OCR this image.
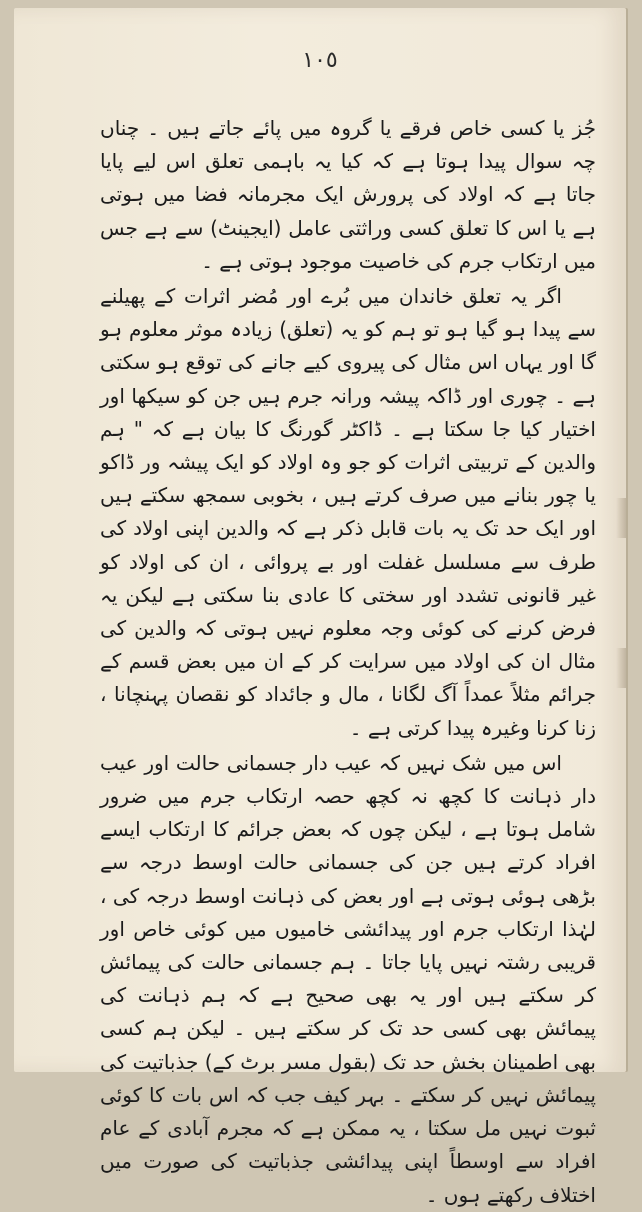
١٠٥

جُز یا کسی خاص فرقے یا گروہ میں پائے جاتے ہیں ۔ چناں چہ سوال پیدا ہوتا ہے کہ کیا یہ باہمی تعلق اس لیے پایا جاتا ہے کہ اولاد کی پرورش ایک مجرمانہ فضا میں ہوتی ہے یا اس کا تعلق کسی وراثتی عامل (ایجینٹ) سے ہے جس میں ارتکاب جرم کی خاصیت موجود ہوتی ہے ۔

اگر یہ تعلق خاندان میں بُرے اور مُضر اثرات کے پھیلنے سے پیدا ہو گیا ہو تو ہم کو یہ (تعلق) زیادہ موثر معلوم ہو گا اور یہاں اس مثال کی پیروی کیے جانے کی توقع ہو سکتی ہے ۔ چوری اور ڈاکہ پیشہ ورانہ جرم ہیں جن کو سیکھا اور اختیار کیا جا سکتا ہے ۔ ڈاکٹر گورنگ کا بیان ہے کہ " ہم والدین کے تربیتی اثرات کو جو وہ اولاد کو ایک پیشہ ور ڈاکو یا چور بنانے میں صرف کرتے ہیں ، بخوبی سمجھ سکتے ہیں اور ایک حد تک یہ بات قابل ذکر ہے کہ والدین اپنی اولاد کی طرف سے مسلسل غفلت اور بے پروائی ، ان کی اولاد کو غیر قانونی تشدد اور سختی کا عادی بنا سکتی ہے لیکن یہ فرض کرنے کی کوئی وجہ معلوم نہیں ہوتی کہ والدین کی مثال ان کی اولاد میں سرایت کر کے ان میں بعض قسم کے جرائم مثلاً عمداً آگ لگانا ، مال و جائداد کو نقصان پہنچانا ، زنا کرنا وغیرہ پیدا کرتی ہے ۔

اس میں شک نہیں کہ عیب دار جسمانی حالت اور عیب دار ذہانت کا کچھ نہ کچھ حصہ ارتکاب جرم میں ضرور شامل ہوتا ہے ، لیکن چوں کہ بعض جرائم کا ارتکاب ایسے افراد کرتے ہیں جن کی جسمانی حالت اوسط درجہ سے بڑھی ہوئی ہوتی ہے اور بعض کی ذہانت اوسط درجہ کی ، لہٰذا ارتکاب جرم اور پیدائشی خامیوں میں کوئی خاص اور قریبی رشتہ نہیں پایا جاتا ۔ ہم جسمانی حالت کی پیمائش کر سکتے ہیں اور یہ بھی صحیح ہے کہ ہم ذہانت کی پیمائش بھی کسی حد تک کر سکتے ہیں ۔ لیکن ہم کسی بھی اطمینان بخش حد تک (بقول مسر برٹ کے) جذباتیت کی پیمائش نہیں کر سکتے ۔ بہر کیف جب کہ اس بات کا کوئی ثبوت نہیں مل سکتا ، یہ ممکن ہے کہ مجرم آبادی کے عام افراد سے اوسطاً اپنی پیدائشی جذباتیت کی صورت میں اختلاف رکھتے ہوں ۔
